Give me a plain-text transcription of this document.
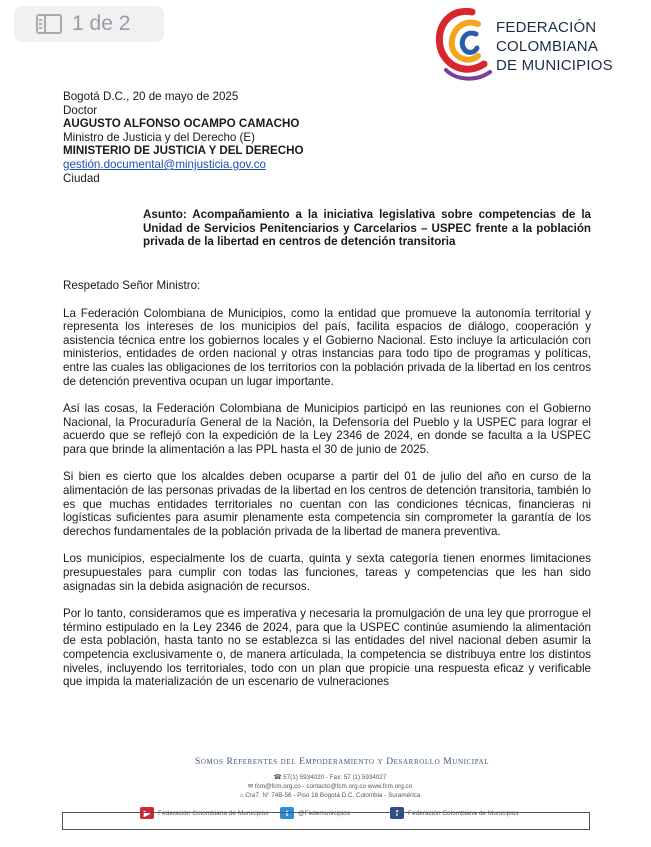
1 de 2	FEDERACIÓN
COLOMBIANA
DE MUNICIPIOS
Bogotá D.C., 20 de mayo de 2025
Doctor
AUGUSTO ALFONSO OCAMPO CAMACHO
Ministro de Justicia y del Derecho (E)
MINISTERIO DE JUSTICIA Y DEL DERECHO
gestión.documental@minjusticia.gov.co
Ciudad
Asunto: Acompañamiento a la iniciativa legislativa sobre competencias de la Unidad de Servicios Penitenciarios y Carcelarios – USPEC frente a la población privada de la libertad en centros de detención transitoria
Respetado Señor Ministro:
La Federación Colombiana de Municipios, como la entidad que promueve la autonomía territorial y representa los intereses de los municipios del país, facilita espacios de diálogo, cooperación y asistencia técnica entre los gobiernos locales y el Gobierno Nacional. Esto incluye la articulación con ministerios, entidades de orden nacional y otras instancias para todo tipo de programas y políticas, entre las cuales las obligaciones de los territorios con la población privada de la libertad en los centros de detención preventiva ocupan un lugar importante.
Así las cosas, la Federación Colombiana de Municipios participó en las reuniones con el Gobierno Nacional, la Procuraduría General de la Nación, la Defensoría del Pueblo y la USPEC para lograr el acuerdo que se reflejó con la expedición de la Ley 2346 de 2024, en donde se faculta a la USPEC para que brinde la alimentación a las PPL hasta el 30 de junio de 2025.
Si bien es cierto que los alcaldes deben ocuparse a partir del 01 de julio del año en curso de la alimentación de las personas privadas de la libertad en los centros de detención transitoria, también lo es que muchas entidades territoriales no cuentan con las condiciones técnicas, financieras ni logísticas suficientes para asumir plenamente esta competencia sin comprometer la garantía de los derechos fundamentales de la población privada de la libertad de manera preventiva.
Los municipios, especialmente los de cuarta, quinta y sexta categoría tienen enormes limitaciones presupuestales para cumplir con todas las funciones, tareas y competencias que les han sido asignadas sin la debida asignación de recursos.
Por lo tanto, consideramos que es imperativa y necesaria la promulgación de una ley que prorrogue el término estipulado en la Ley 2346 de 2024, para que la USPEC continúe asumiendo la alimentación de esta población, hasta tanto no se establezca si las entidades del nivel nacional deben asumir la competencia exclusivamente o, de manera articulada, la competencia se distribuya entre los distintos niveles, incluyendo los territoriales, todo con un plan que propicie una respuesta eficaz y verificable que impida la materialización de un escenario de vulneraciones
Somos Referentes del Empoderamiento y Desarrollo Municipal
☎ 57(1) 5934020 - Fax: 57 (1) 5934027
✉ fcm@fcm.org.co - contacto@fcm.org.co www.fcm.org.co
⌂ Cra7. N° 74B-56 - Piso 18 Bogotá D.C. Colombia - Suramérica
▶	Federación Colombiana de Municipios	t	@Fedemunicipios	f	Federación Colombiana de Municipios
